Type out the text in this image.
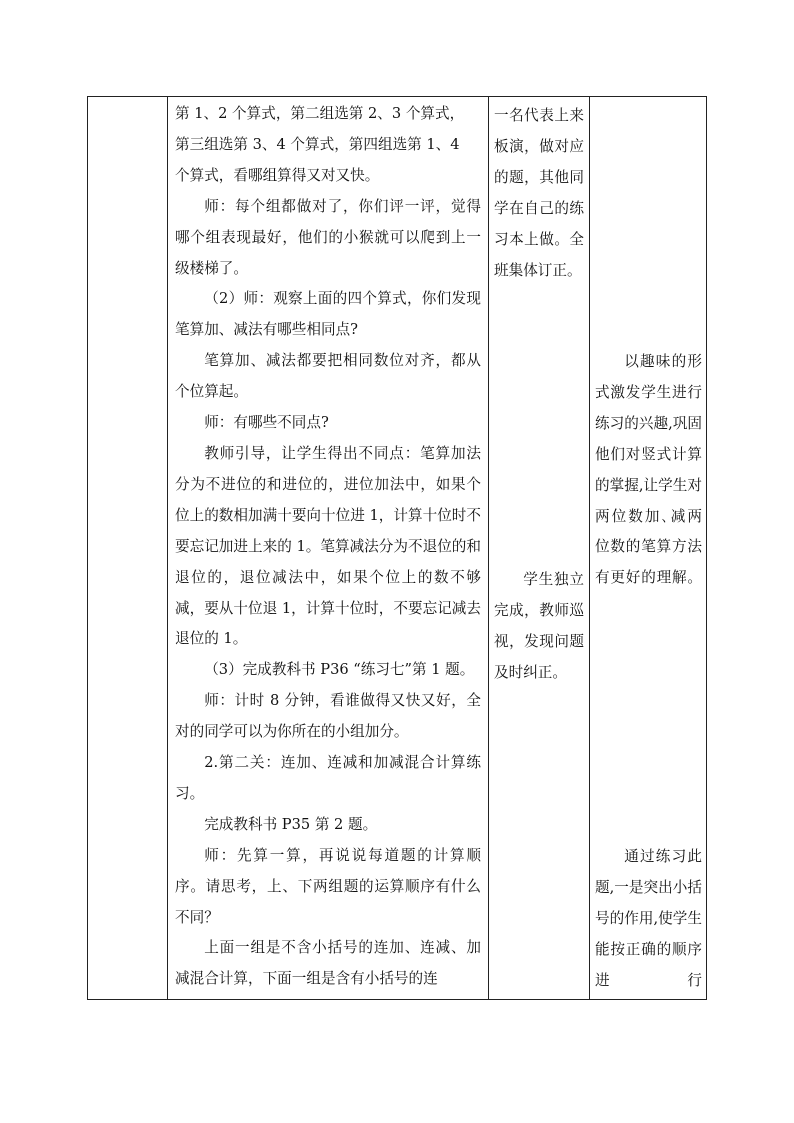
第 1、2 个算式，第二组选第 2、3 个算式，

第三组选第 3、4 个算式，第四组选第 1、4

个算式，看哪组算得又对又快。

师：每个组都做对了，你们评一评，觉得哪个组表现最好，他们的小猴就可以爬到上一级楼梯了。

（2）师：观察上面的四个算式，你们发现笔算加、减法有哪些相同点?

笔算加、减法都要把相同数位对齐，都从个位算起。

师：有哪些不同点?

教师引导，让学生得出不同点：笔算加法分为不进位的和进位的，进位加法中，如果个位上的数相加满十要向十位进 1，计算十位时不要忘记加进上来的 1。笔算减法分为不退位的和退位的，退位减法中，如果个位上的数不够减，要从十位退 1，计算十位时，不要忘记减去退位的 1。

（3）完成教科书 P36 “练习七”第 1 题。

师：计时 8 分钟，看谁做得又快又好，全对的同学可以为你所在的小组加分。

2.第二关：连加、连减和加减混合计算练习。

完成教科书 P35 第 2 题。

师：先算一算，再说说每道题的计算顺序。请思考，上、下两组题的运算顺序有什么不同？

上面一组是不含小括号的连加、连减、加减混合计算，下面一组是含有小括号的连

一名代表上来板演，做对应的题，其他同学在自己的练习本上做。全班集体订正。

学生独立完成，教师巡视，发现问题及时纠正。

以趣味的形式激发学生进行练习的兴趣,巩固他们对竖式计算的掌握,让学生对两位数加､减两位数的笔算方法有更好的理解。

通过练习此题,一是突出小括号的作用,使学生能按正确的顺序进行
